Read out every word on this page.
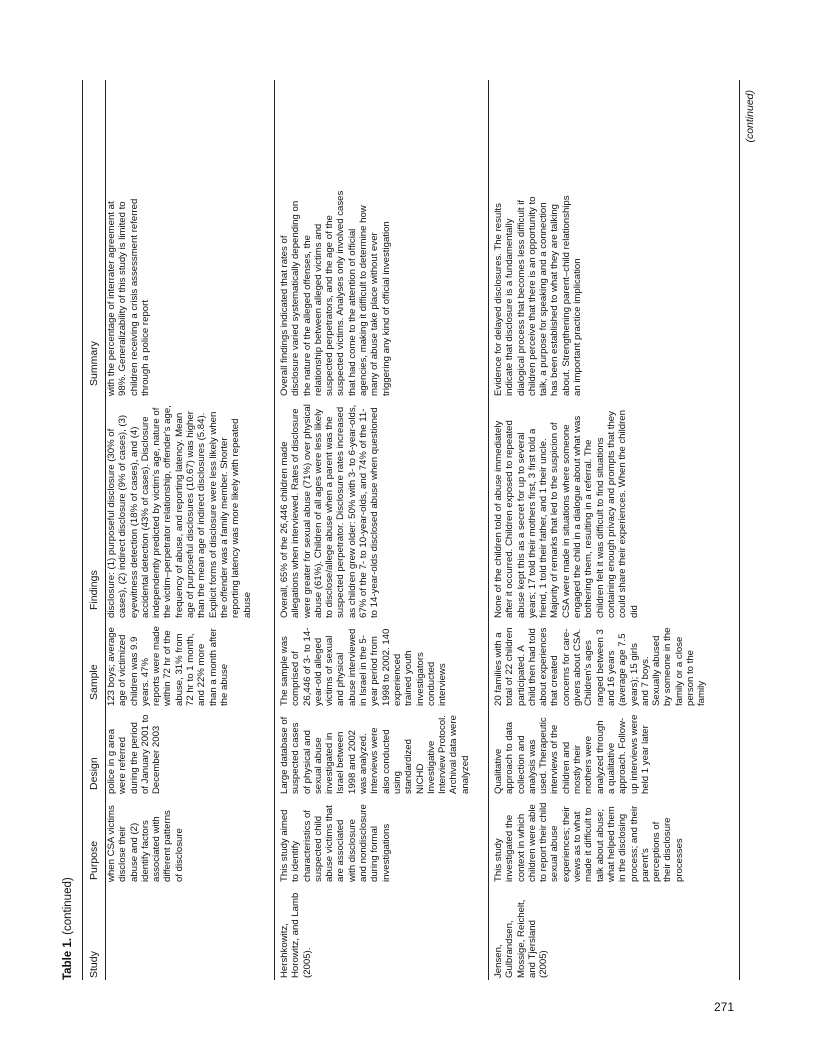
Table 1. (continued)
Study
Purpose
Design
Sample
Findings
Summary
when CSA victims disclose their abuse and (2) identify factors associated with different patterns of disclosure
police in g area were referred during the period of January 2001 to December 2003
123 boys; average age of victimized children was 9.9 years. 47% reports were made within 72 hr of the abuse, 31% from 72 hr to 1 month, and 22% more than a month after the abuse
disclosure: (1) purposeful disclosure (30% of cases), (2) indirect disclosure (9% of cases), (3) eyewitness detection (18% of cases), and (4) accidental detection (43% of cases). Disclosure independently predicted by victim's age, nature of the victim–perpetrator relationship, offender's age, frequency of abuse, and reporting latency. Mean age of purposeful disclosures (10.67) was higher than the mean age of indirect disclosures (5.84). Explicit forms of disclosure were less likely when the offender was a family member. Shorter reporting latency was more likely with repeated abuse
with the percentage of interrater agreement at 98%. Generalizability of this study is limited to children receiving a crisis assessment referred through a police report
Hershkowitz, Horowitz, and Lamb (2005).
This study aimed to identify characteristics of suspected child abuse victims that are associated with disclosure and nondisclosure during formal investigations
Large database of suspected cases of physical and sexual abuse investigated in Israel between 1998 and 2002 was analyzed. Interviews were also conducted using standardized NICHD Investigative Interview Protocol. Archival data were analyzed
The sample was comprised of 26,446 of 3- to 14-year-old alleged victims of sexual and physical abuse interviewed in Israel in the 5-year period from 1998 to 2002. 140 experienced trained youth investigators conducted interviews
Overall, 65% of the 26,446 children made allegations when interviewed. Rates of disclosure were greater for sexual abuse (71%) over physical abuse (61%). Children of all ages were less likely to disclose/allege abuse when a parent was the suspected perpetrator. Disclosure rates increased as children grew older: 50% with 3- to 6-year-olds, 67% of the 7- to 10-year-olds, and 74% of the 11- to 14-year-olds disclosed abuse when questioned
Overall findings indicated that rates of disclosure varied systematically depending on the nature of the alleged offenses, the relationship between alleged victims and suspected perpetrators, and the age of the suspected victims. Analyses only involved cases that had come to the attention of official agencies, making it difficult to determine how many of abuse take place without ever triggering any kind of official investigation
Jensen, Gulbrandsen, Mossige, Reichelt, and Tjersland (2005)
This study investigated the context in which children were able to report their child sexual abuse experiences; their views as to what made it difficult to talk about abuse; what helped them in the disclosing process; and their parent's perceptions of their disclosure processes
Qualitative approach to data collection and analysis was used. Therapeutic interviews of the children and mostly their mothers were analyzed through a qualitative approach. Follow-up interviews were held 1 year later
20 families with a total of 22 children participated. A child then had told about experiences that created concerns for care-givers about CSA. Children's ages ranged between 3 and 16 years (average age 7.5 years); 15 girls and 7 boys. Sexually abused by someone in the family or a close person to the family
None of the children told of abuse immediately after it occurred. Children exposed to repeated abuse kept this as a secret for up to several years; 17 told their mothers first, 3 first told a friend, 1 told their father, and 1 their uncle. Majority of remarks that led to the suspicion of CSA were made in situations where someone engaged the child in a dialogue about what was bothering them, resulting in a referral. The children felt it was difficult to find situations containing enough privacy and prompts that they could share their experiences. When the children did
Evidence for delayed disclosures. The results indicate that disclosure is a fundamentally dialogical process that becomes less difficult if children perceive that there is an opportunity to talk, a purpose for speaking and a connection has been established to what they are talking about. Strengthening parent–child relationships an important practice implication
(continued)
271
